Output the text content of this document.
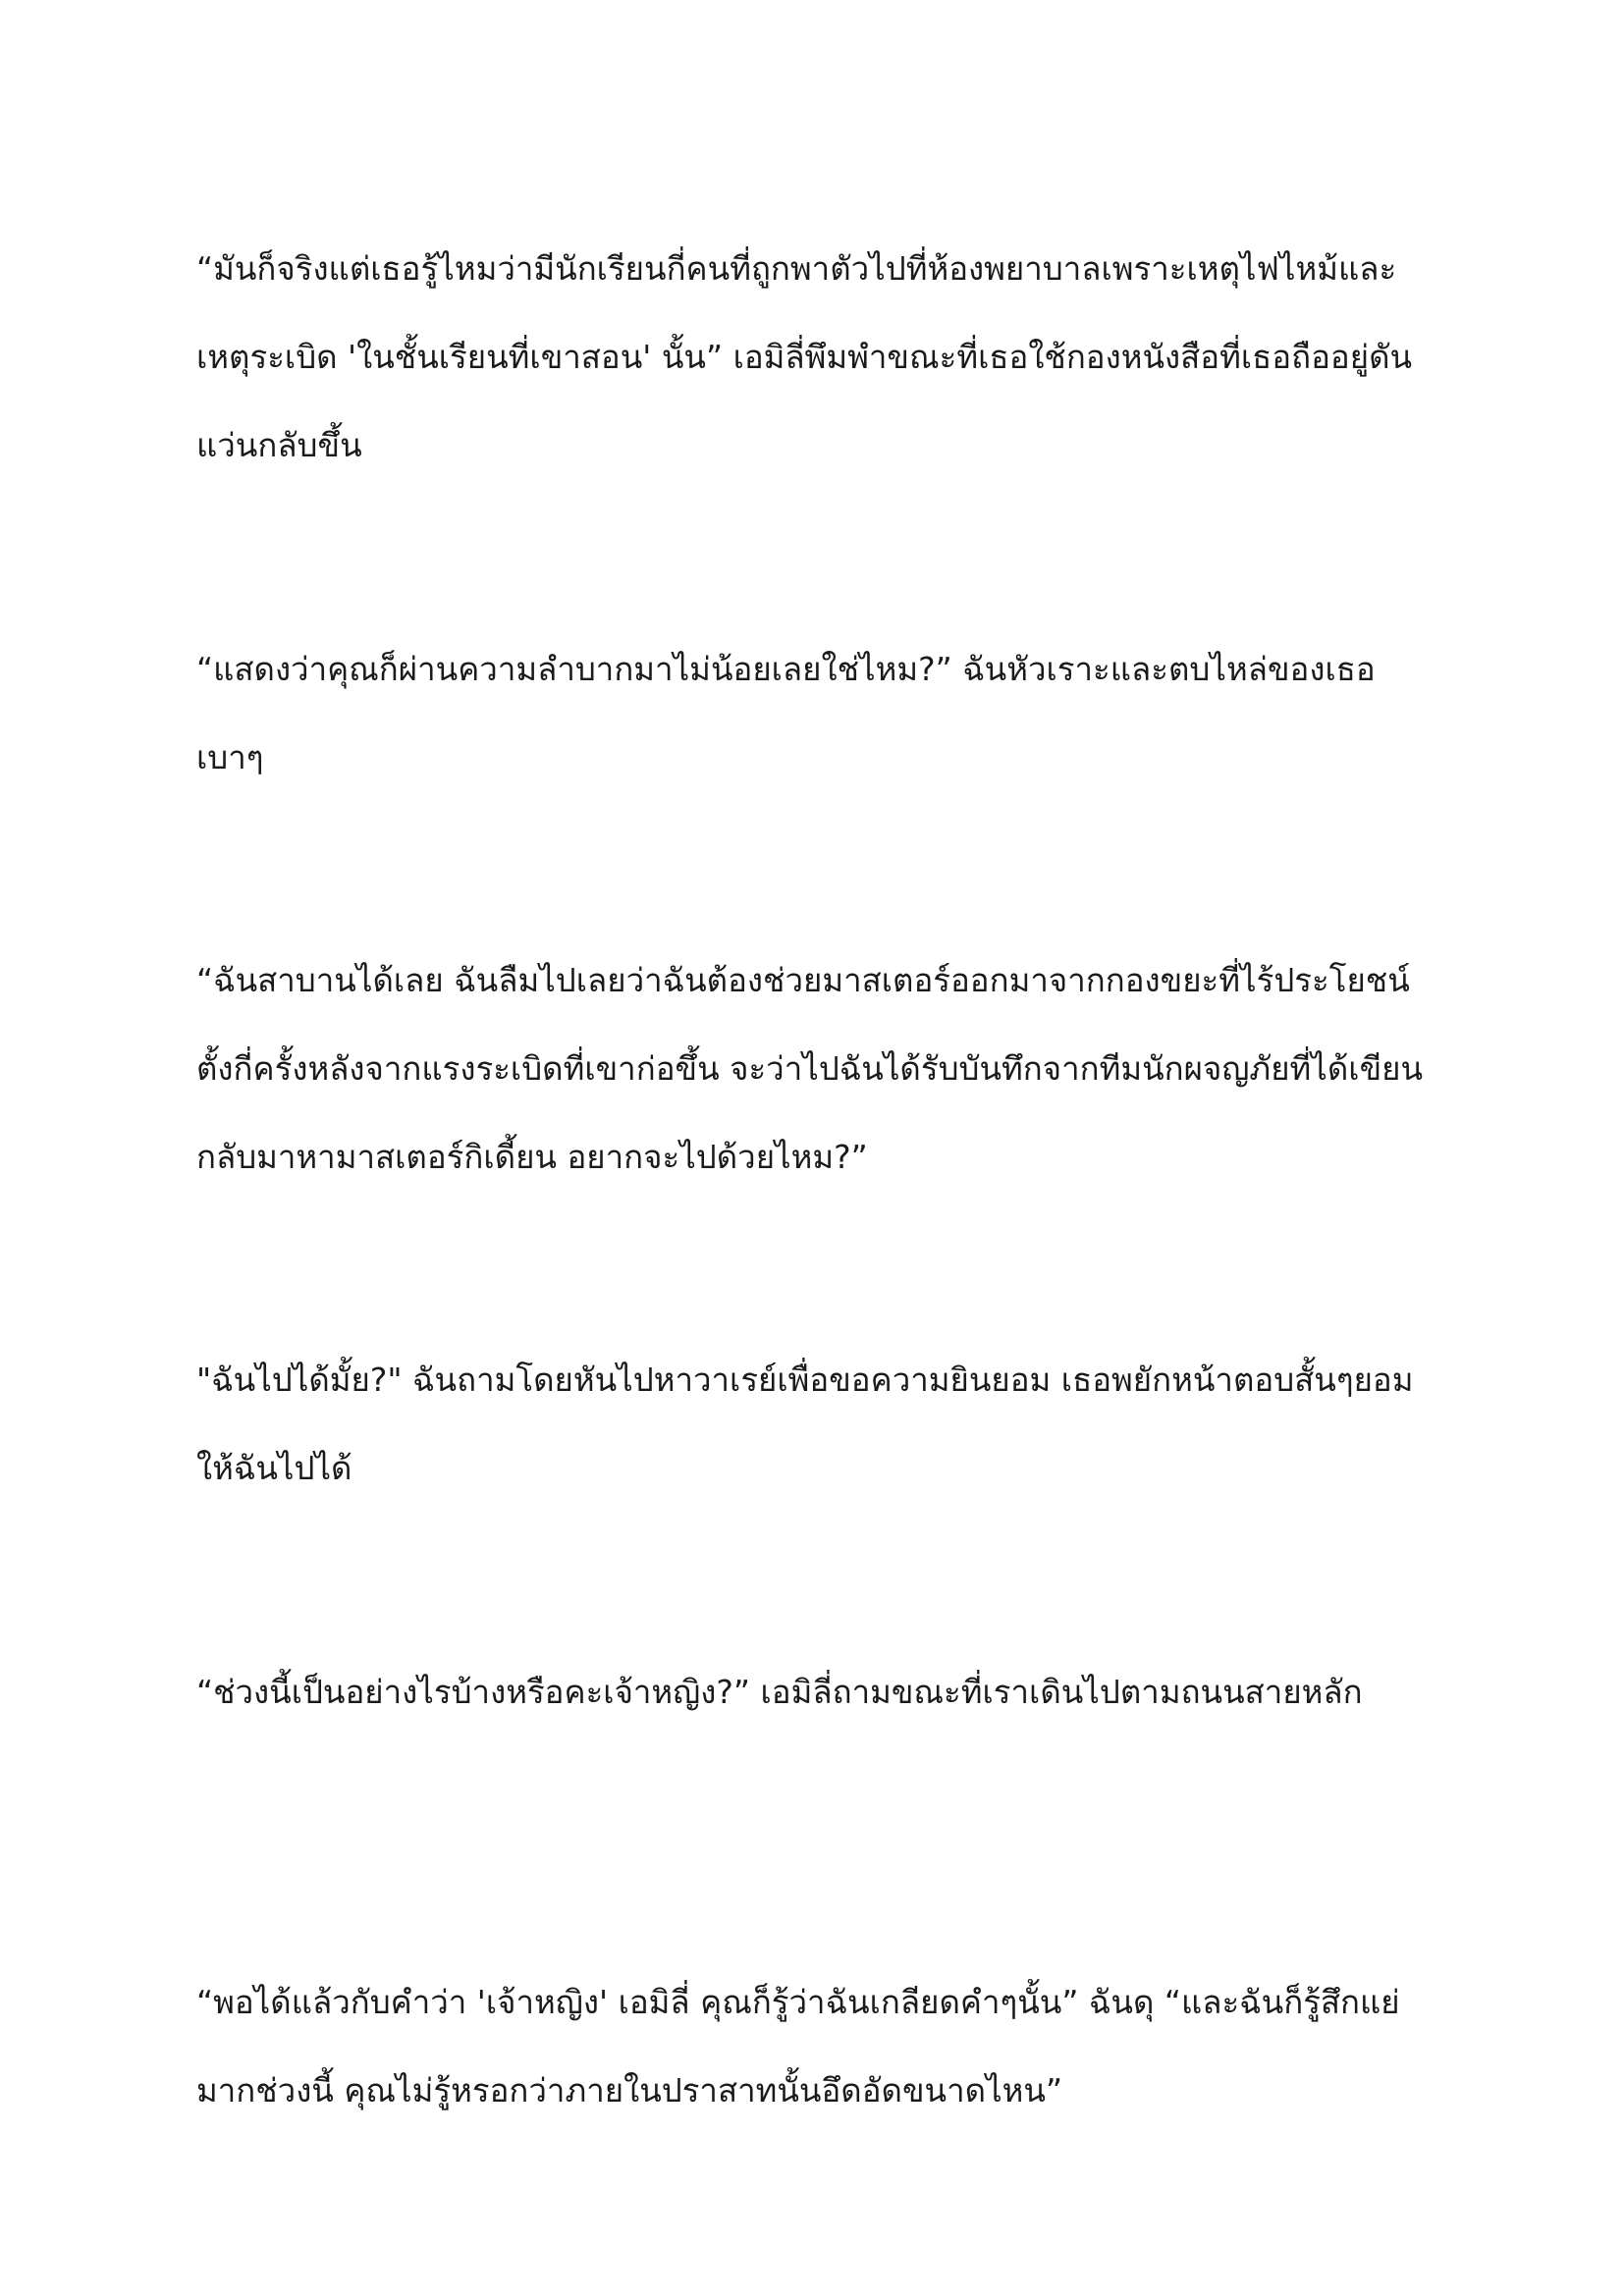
“มันก็จริงแต่เธอรู้ไหมว่ามีนักเรียนกี่คนที่ถูกพาตัวไปที่ห้องพยาบาลเพราะเหตุไฟไหม้และเหตุระเบิด 'ในชั้นเรียนที่เขาสอน' นั้น” เอมิลี่พึมพำขณะที่เธอใช้กองหนังสือที่เธอถืออยู่ดันแว่นกลับขึ้น

“แสดงว่าคุณก็ผ่านความลำบากมาไม่น้อยเลยใช่ไหม?” ฉันหัวเราะและตบไหล่ของเธอเบาๆ

“ฉันสาบานได้เลย ฉันลืมไปเลยว่าฉันต้องช่วยมาสเตอร์ออกมาจากกองขยะที่ไร้ประโยชน์ตั้งกี่ครั้งหลังจากแรงระเบิดที่เขาก่อขึ้น จะว่าไปฉันได้รับบันทึกจากทีมนักผจญภัยที่ได้เขียนกลับมาหามาสเตอร์กิเดี้ยน อยากจะไปด้วยไหม?”

"ฉันไปได้มั้ย?" ฉันถามโดยหันไปหาวาเรย์เพื่อขอความยินยอม เธอพยักหน้าตอบสั้นๆยอมให้ฉันไปได้

“ช่วงนี้เป็นอย่างไรบ้างหรือคะเจ้าหญิง?” เอมิลี่ถามขณะที่เราเดินไปตามถนนสายหลัก

“พอได้แล้วกับคำว่า 'เจ้าหญิง' เอมิลี่ คุณก็รู้ว่าฉันเกลียดคำๆนั้น” ฉันดุ “และฉันก็รู้สึกแย่มากช่วงนี้ คุณไม่รู้หรอกว่าภายในปราสาทนั้นอึดอัดขนาดไหน”
